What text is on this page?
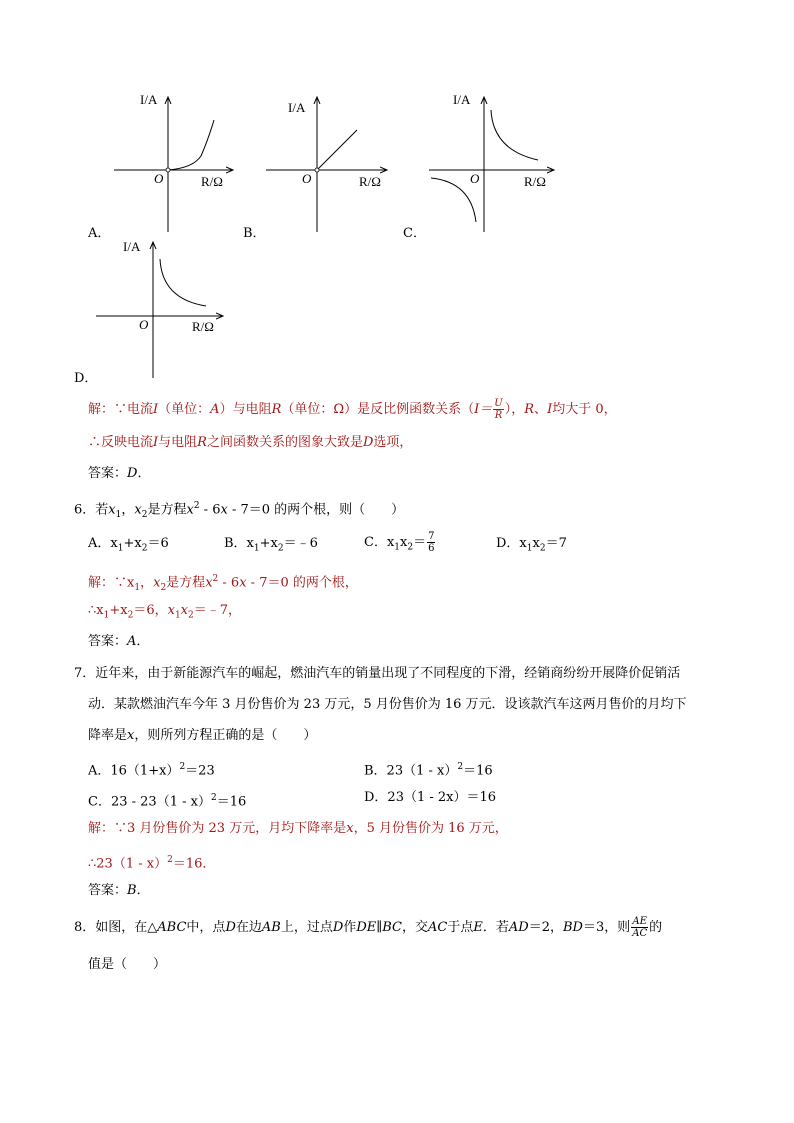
I/A
R/Ω
O
A．
I/A
R/Ω
O
B．
I/A
R/Ω
O
C．
I/A
R/Ω
O
D．
解：∵电流I（单位：A）与电阻R（单位：Ω）是反比例函数关系（$I= \frac{U}{R}$ ），R、I均大于 0，
∴反映电流I与电阻R之间函数关系的图象大致是D选项，
答案：D．
6．若$x_1$，$x_2$是方程$x^2 - 6x - 7=0$ 的两个根，则（　　）
A．$x_1+x_2=6$	B．$x_1+x_2=﹣6$	C．$x_1x_2= \frac{7}{6}$	D．$x_1x_2=7$
解：$\because x_1$，$x_2$是方程$x^2 - 6x - 7=0$ 的两个根，
$\therefore x_1+x_2=6$，$x_1x_2=﹣7$，
答案：A．
7．近年来，由于新能源汽车的崛起，燃油汽车的销量出现了不同程度的下滑，经销商纷纷开展降价促销活
动．某款燃油汽车今年 3 月份售价为 23 万元，5 月份售价为 16 万元．设该款汽车这两月售价的月均下
降率是x，则所列方程正确的是（　　）
A．$16(1+x)^2=23$	B．23（1 - x）$^2$＝16
C．23 - 23（1 - x）$^2$＝16	D．23（1 - 2x）＝16
解：∵3 月份售价为 23 万元，月均下降率是x，5 月份售价为 16 万元，
∴23（1 - x）$^2$＝16．
答案：B．
8．如图，在△ABC中，点D在边AB上，过点D作DE∥BC，交AC于点E．若AD＝2，BD＝3，则 $\frac{AE}{AC}$ 的
值是（　　）
